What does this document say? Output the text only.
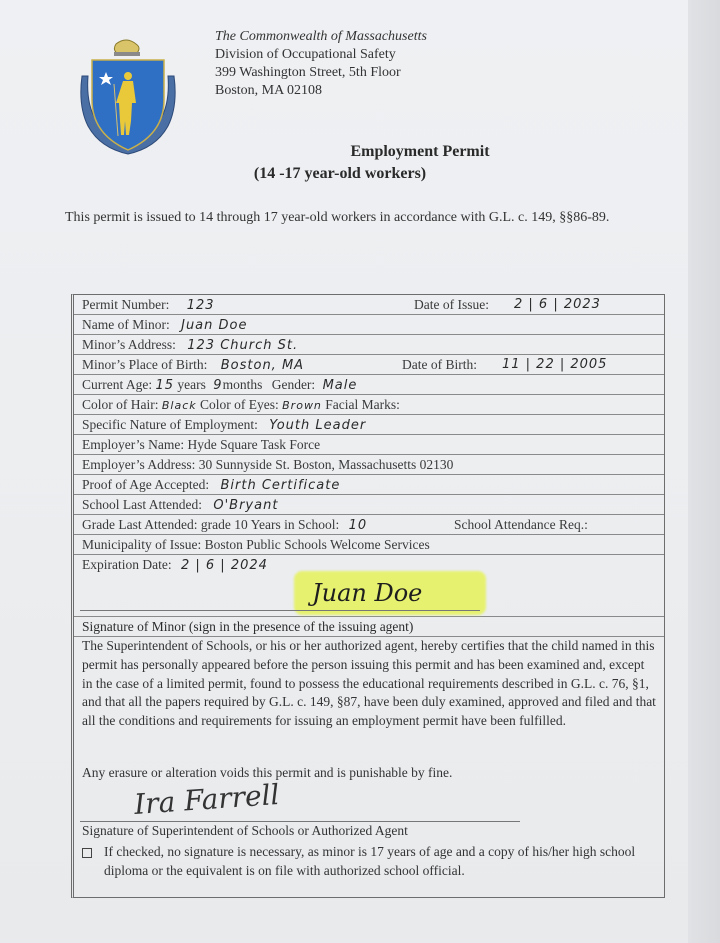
The Commonwealth of Massachusetts
Division of Occupational Safety
399 Washington Street, 5th Floor
Boston, MA 02108
Employment Permit
(14 -17 year-old workers)
This permit is issued to 14 through 17 year-old workers in accordance with G.L. c. 149, §§86-89.
Permit Number: 123	Date of Issue: 2 | 6 | 2023
Name of Minor: Juan Doe
Minor’s Address: 123 Church St.
Minor’s Place of Birth: Boston, MA	Date of Birth: 11 | 22 | 2005
Current Age: 15 years 9months Gender: Male
Color of Hair: Black Color of Eyes: Brown Facial Marks:
Specific Nature of Employment: Youth Leader
Employer’s Name: Hyde Square Task Force
Employer’s Address: 30 Sunnyside St. Boston, Massachusetts 02130
Proof of Age Accepted: Birth Certificate
School Last Attended: O'Bryant
Grade Last Attended: grade 10 Years in School: 10	School Attendance Req.:
Municipality of Issue: Boston Public Schools Welcome Services
Expiration Date: 2 | 6 | 2024
Juan Doe
Signature of Minor (sign in the presence of the issuing agent)
The Superintendent of Schools, or his or her authorized agent, hereby certifies that the child named in this permit has personally appeared before the person issuing this permit and has been examined and, except in the case of a limited permit, found to possess the educational requirements described in G.L. c. 76, §1, and that all the papers required by G.L. c. 149, §87, have been duly examined, approved and filed and that all the conditions and requirements for issuing an employment permit have been fulfilled.
Any erasure or alteration voids this permit and is punishable by fine.
Ira Farrell
Signature of Superintendent of Schools or Authorized Agent
If checked, no signature is necessary, as minor is 17 years of age and a copy of his/her high school diploma or the equivalent is on file with authorized school official.
